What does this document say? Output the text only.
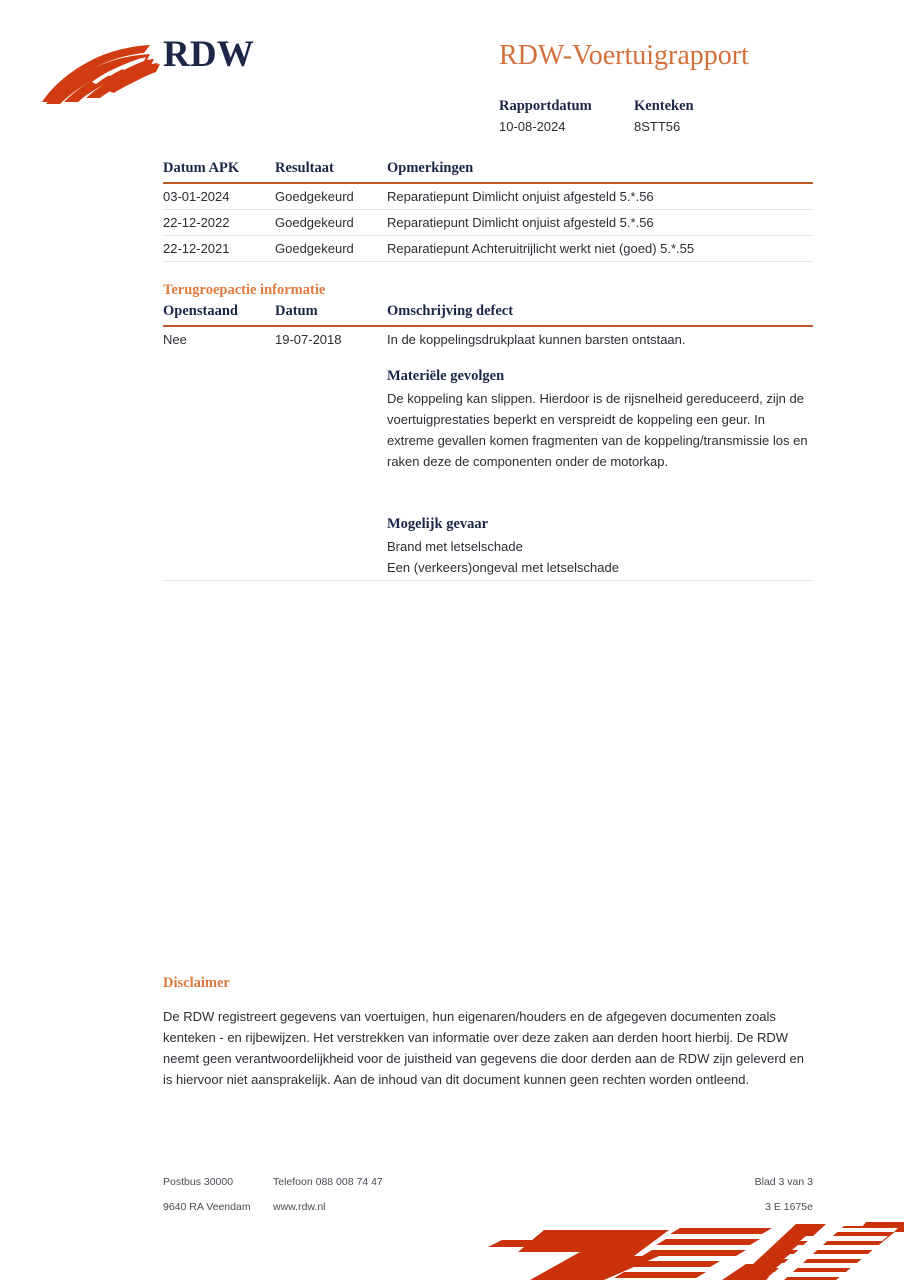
RDW	RDW-Voertuigrapport
Rapportdatum	Kenteken
10-08-2024	8STT56
Datum APK	Resultaat	Opmerkingen
03-01-2024	Goedgekeurd	Reparatiepunt Dimlicht onjuist afgesteld 5.*.56
22-12-2022	Goedgekeurd	Reparatiepunt Dimlicht onjuist afgesteld 5.*.56
22-12-2021	Goedgekeurd	Reparatiepunt Achteruitrijlicht werkt niet (goed) 5.*.55
Terugroepactie informatie
Openstaand	Datum	Omschrijving defect
Nee	19-07-2018	In de koppelingsdrukplaat kunnen barsten ontstaan.
Materiële gevolgen

De koppeling kan slippen. Hierdoor is de rijsnelheid gereduceerd, zijn de voertuigprestaties beperkt en verspreidt de koppeling een geur. In extreme gevallen komen fragmenten van de koppeling/transmissie los en raken deze de componenten onder de motorkap.

Mogelijk gevaar
Brand met letselschade
Een (verkeers)ongeval met letselschade
Disclaimer
De RDW registreert gegevens van voertuigen, hun eigenaren/houders en de afgegeven documenten zoals kenteken - en rijbewijzen. Het verstrekken van informatie over deze zaken aan derden hoort hierbij. De RDW neemt geen verantwoordelijkheid voor de juistheid van gegevens die door derden aan de RDW zijn geleverd en is hiervoor niet aansprakelijk. Aan de inhoud van dit document kunnen geen rechten worden ontleend.
Postbus 30000	Telefoon 088 008 74 47	Blad 3 van 3
9640 RA Veendam	www.rdw.nl	3 E 1675e
